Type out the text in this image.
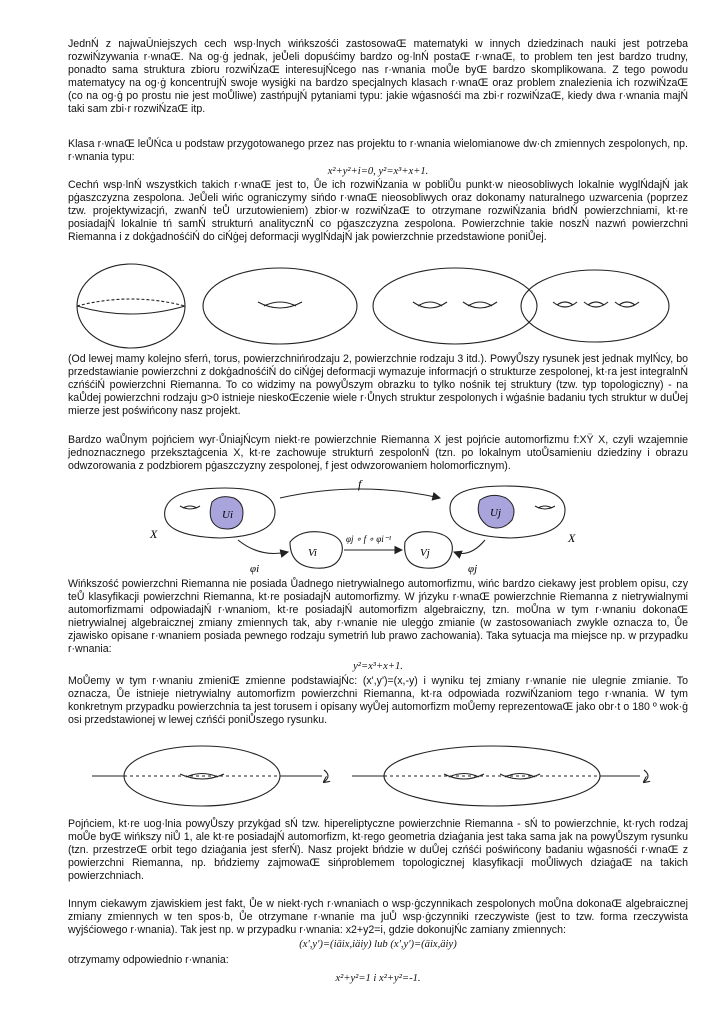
JednŃ z najwaŪniejszych cech wsp·lnych wińkszośći zastosowaŒ matematyki w innych dziedzinach nauki jest potrzeba rozwiŃzywania r·wnaŒ. Na og·ġ jednak, jeŮeli dopuśćimy bardzo og·lnŃ postaŒ r·wnaŒ, to problem ten jest bardzo trudny, ponadto sama struktura zbioru rozwiŃzaŒ interesujŃcego nas r·wnania moŮe byŒ bardzo skomplikowana. Z tego powodu matematycy na og·ġ koncentrujŃ swoje wysiġki na bardzo specjalnych klasach r·wnaŒ oraz problem znalezienia ich rozwiŃzaŒ (co na og·ġ po prostu nie jest moŮliwe) zastńpujŃ pytaniami typu: jakie wġasnośći ma zbi·r rozwiŃzaŒ, kiedy dwa r·wnania majŃ taki sam zbi·r rozwiŃzaŒ itp.

Klasa r·wnaŒ leŮŃca u podstaw przygotowanego przez nas projektu to r·wnania wielomianowe dw·ch zmiennych zespolonych, np. r·wnania typu:

x²+y²+i=0, y²=x³+x+1.

Cechń wsp·lnŃ wszystkich takich r·wnaŒ jest to, Ůe ich rozwiŃzania w pobliŮu punkt·w nieosobliwych lokalnie wyglŃdajŃ jak pġaszczyzna zespolona. JeŮeli wińc ograniczymy sińdo r·wnaŒ nieosobliwych oraz dokonamy naturalnego uzwarcenia (poprzez tzw. projektywizacjń, zwanŃ teŮ urzutowieniem) zbior·w rozwiŃzaŒ to otrzymane rozwiŃzania bńdŃ powierzchniami, kt·re posiadajŃ lokalnie tń samŃ strukturń analitycznŃ co pġaszczyzna zespolona. Powierzchnie takie noszŃ nazwń powierzchni Riemanna i z dokġadnośćiŃ do ciŃġej deformacji wyglŃdajŃ jak powierzchnie przedstawione poniŮej.

(Od lewej mamy kolejno sferń, torus, powierzchnińrodzaju 2, powierzchnie rodzaju 3 itd.). PowyŮszy rysunek jest jednak mylŃcy, bo przedstawianie powierzchni z dokġadnośćiŃ do ciŃġej deformacji wymazuje informacjń o strukturze zespolonej, kt·ra jest integralnŃ czńśćiŃ powierzchni Riemanna. To co widzimy na powyŮszym obrazku to tylko nośnik tej struktury (tzw. typ topologiczny) - na kaŮdej powierzchni rodzaju g>0 istnieje nieskoŒczenie wiele r·Ůnych struktur zespolonych i wġaśnie badaniu tych struktur w duŮej mierze jest poświńcony nasz projekt.

Bardzo waŮnym pojńciem wyr·ŮniajŃcym niekt·re powierzchnie Riemanna X jest pojńcie automorfizmu f:XŸ X, czyli wzajemnie jednoznacznego przeksztaġcenia X, kt·re zachowuje strukturń zespolonŃ (tzn. po lokalnym utoŮsamieniu dziedziny i obrazu odwzorowania z podzbiorem pġaszczyzny zespolonej, f jest odwzorowaniem holomorficznym).

f
X	X
Ui	Uj
Vi	Vj
φi	φj
φj ∘ f ∘ φi⁻¹

Wińkszość powierzchni Riemanna nie posiada Ůadnego nietrywialnego automorfizmu, wińc bardzo ciekawy jest problem opisu, czy teŮ klasyfikacji powierzchni Riemanna, kt·re posiadajŃ automorfizmy. W jńzyku r·wnaŒ powierzchnie Riemanna z nietrywialnymi automorfizmami odpowiadajŃ r·wnaniom, kt·re posiadajŃ automorfizm algebraiczny, tzn. moŮna w tym r·wnaniu dokonaŒ nietrywialnej algebraicznej zmiany zmiennych tak, aby r·wnanie nie ulegġo zmianie (w zastosowaniach zwykle oznacza to, Ůe zjawisko opisane r·wnaniem posiada pewnego rodzaju symetriń lub prawo zachowania). Taka sytuacja ma miejsce np. w przypadku r·wnania:

y²=x³+x+1.

MoŮemy w tym r·wnaniu zmieniŒ zmienne podstawiajŃc: (x',y')=(x,-y) i wyniku tej zmiany r·wnanie nie ulegnie zmianie. To oznacza, Ůe istnieje nietrywialny automorfizm powierzchni Riemanna, kt·ra odpowiada rozwiŃzaniom tego r·wnania. W tym konkretnym przypadku powierzchnia ta jest torusem i opisany wyŮej automorfizm moŮemy reprezentowaŒ jako obr·t o 180 º wok·ġ osi przedstawionej w lewej czńśći poniŮszego rysunku.

Pojńciem, kt·re uog·lnia powyŮszy przykġad sŃ tzw. hipereliptyczne powierzchnie Riemanna - sŃ to powierzchnie, kt·rych rodzaj moŮe byŒ wińkszy niŮ 1, ale kt·re posiadajŃ automorfizm, kt·rego geometria dziaġania jest taka sama jak na powyŮszym rysunku (tzn. przestrzeŒ orbit tego dziaġania jest sferŃ). Nasz projekt bńdzie w duŮej czńśći poświńcony badaniu wġasnośći r·wnaŒ z powierzchni Riemanna, np. bńdziemy zajmowaŒ sińproblemem topologicznej klasyfikacji moŮliwych dziaġaŒ na takich powierzchniach.

Innym ciekawym zjawiskiem jest fakt, Ůe w niekt·rych r·wnaniach o wsp·ġczynnikach zespolonych moŮna dokonaŒ algebraicznej zmiany zmiennych w ten spos·b, Ůe otrzymane r·wnanie ma juŮ wsp·ġczynniki rzeczywiste (jest to tzw. forma rzeczywista wyjśćiowego r·wnania). Tak jest np. w przypadku r·wnania: x2+y2=i, gdzie dokonujŃc zamiany zmiennych:

(x',y')=(iäix,iäiy) lub (x',y')=(äix,äiy)

otrzymamy odpowiednio r·wnania:

x²+y²=1 i x²+y²=-1.
